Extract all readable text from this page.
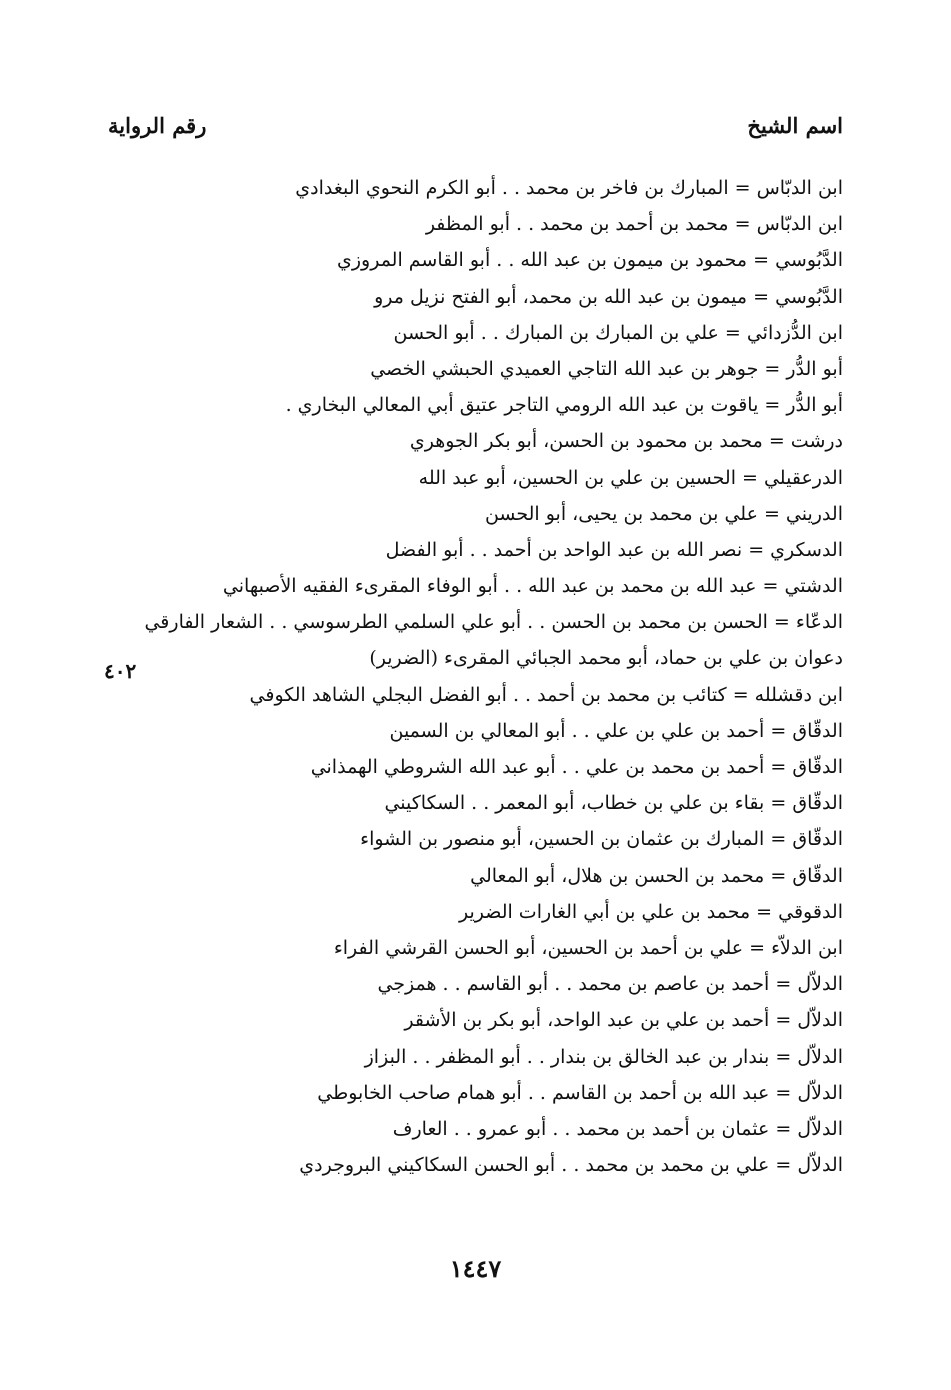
اسم الشيخ
رقم الرواية
ابن الدبّاس = المبارك بن فاخر بن محمد . . أبو الكرم النحوي البغدادي
ابن الدبّاس = محمد بن أحمد بن محمد . . أبو المظفر
الدَّبُوسي = محمود بن ميمون بن عبد الله . . أبو القاسم المروزي
الدَّبُوسي = ميمون بن عبد الله بن محمد، أبو الفتح نزيل مرو
ابن الدُّزدائي = علي بن المبارك بن المبارك . . أبو الحسن
أبو الدُّر = جوهر بن عبد الله التاجي العميدي الحبشي الخصي
أبو الدُّر = ياقوت بن عبد الله الرومي التاجر عتيق أبي المعالي البخاري .
درشت = محمد بن محمود بن الحسن، أبو بكر الجوهري
الدرعقيلي = الحسين بن علي بن الحسين، أبو عبد الله
الدريني = علي بن محمد بن يحيى، أبو الحسن
الدسكري = نصر الله بن عبد الواحد بن أحمد . . أبو الفضل
الدشتي = عبد الله بن محمد بن عبد الله . . أبو الوفاء المقرىء الفقيه الأصبهاني
الدعّاء = الحسن بن محمد بن الحسن . . أبو علي السلمي الطرسوسي . . الشعار الفارقي
دعوان بن علي بن حماد، أبو محمد الجبائي المقرىء (الضرير)
ابن دقشلله = كتائب بن محمد بن أحمد . . أبو الفضل البجلي الشاهد الكوفي
الدقّاق = أحمد بن علي بن علي . . أبو المعالي بن السمين
الدقّاق = أحمد بن محمد بن علي . . أبو عبد الله الشروطي الهمذاني
الدقّاق = بقاء بن علي بن خطاب، أبو المعمر . . السكاكيني
الدقّاق = المبارك بن عثمان بن الحسين، أبو منصور بن الشواء
الدقّاق = محمد بن الحسن بن هلال، أبو المعالي
الدقوقي = محمد بن علي بن أبي الغارات الضرير
ابن الدلاّء = علي بن أحمد بن الحسين، أبو الحسن القرشي الفراء
الدلاّل = أحمد بن عاصم بن محمد . . أبو القاسم . . همزجي
الدلاّل = أحمد بن علي بن عبد الواحد، أبو بكر بن الأشقر
الدلاّل = بندار بن عبد الخالق بن بندار . . أبو المظفر . . البزاز
الدلاّل = عبد الله بن أحمد بن القاسم . . أبو همام صاحب الخابوطي
الدلاّل = عثمان بن أحمد بن محمد . . أبو عمرو . . العارف
الدلاّل = علي بن محمد بن محمد . . أبو الحسن السكاكيني البروجردي
٤٠٢
١٤٤٧
